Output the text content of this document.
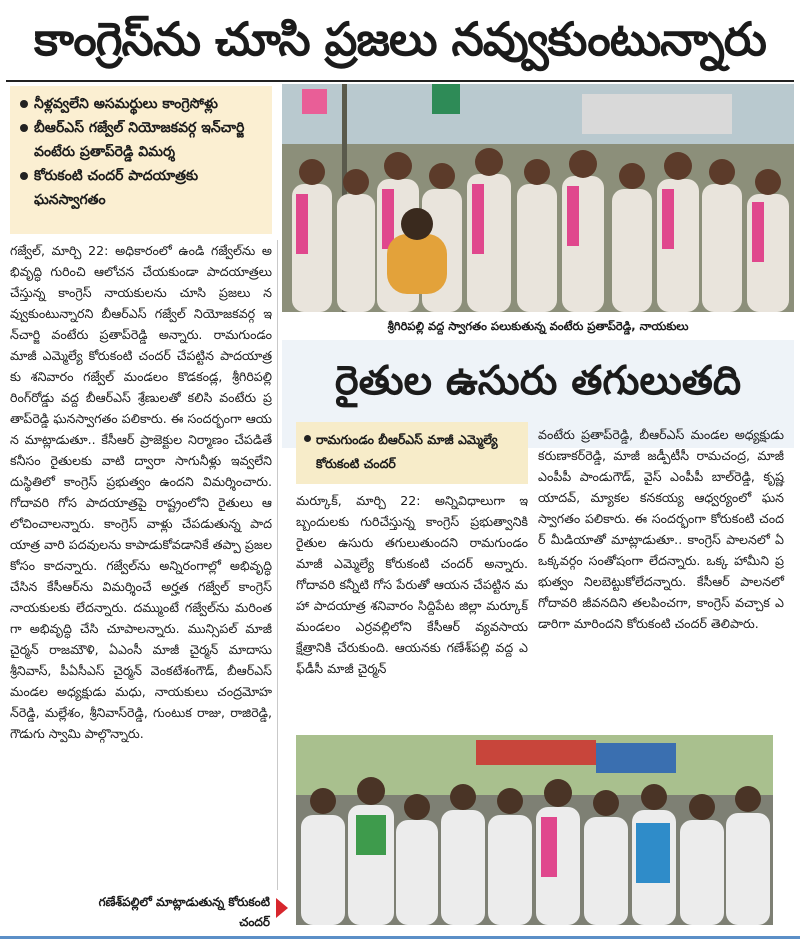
కాంగ్రెస్‌ను చూసి ప్రజలు నవ్వుకుంటున్నారు
నీళ్లవ్వలేని అసమర్థులు కాంగ్రెసోళ్లు
బీఆర్ఎస్ గజ్వేల్ నియోజకవర్గ ఇన్‌చార్జి వంటేరు ప్రతాప్‌రెడ్డి విమర్శ
కోరుకంటి చందర్ పాదయాత్రకు ఘనస్వాగతం
గజ్వేల్, మార్చి 22: అధికారంలో ఉండి గజ్వేల్‌ను అభివృద్ధి గురించి ఆలోచన చేయకుండా పాదయాత్రలు చేస్తున్న కాంగ్రెస్ నాయకులను చూసి ప్రజలు నవ్వుకుంటున్నారని బీఆర్ఎస్ గజ్వేల్ నియోజకవర్గ ఇన్‌చార్జి వంటేరు ప్రతాప్‌రెడ్డి అన్నారు. రామగుండం మాజీ ఎమ్మెల్యే కోరుకంటి చందర్ చేపట్టిన పాదయాత్రకు శనివారం గజ్వేల్ మండలం కొడకండ్ల, శ్రీగిరిపల్లి రింగ్‌రోడ్డు వద్ద బీఆర్ఎస్ శ్రేణులతో కలిసి వంటేరు ప్రతాప్‌రెడ్డి ఘనస్వాగతం పలికారు. ఈ సందర్భంగా ఆయన మాట్లాడుతూ.. కేసీఆర్ ప్రాజెక్టుల నిర్మాణం చేపడితే కనీసం రైతులకు వాటి ద్వారా సాగునీళ్లు ఇవ్వలేని దుస్థితిలో కాంగ్రెస్ ప్రభుత్వం ఉందని విమర్శించారు. గోదావరి గోస పాదయాత్రపై రాష్ట్రంలోని రైతులు ఆలోచించాలన్నారు. కాంగ్రెస్ వాళ్లు చేపడుతున్న పాదయాత్ర వారి పదవులను కాపాడుకోవడానికే తప్పా ప్రజల కోసం కాదన్నారు. గజ్వేల్‌ను అన్నిరంగాల్లో అభివృద్ధి చేసిన కేసీఆర్‌ను విమర్శించే అర్హత గజ్వేల్ కాంగ్రెస్ నాయకులకు లేదన్నారు. దమ్ముంటే గజ్వేల్‌ను మరింతగా అభివృద్ధి చేసి చూపాలన్నారు. మున్సిపల్ మాజీ చైర్మన్ రాజమౌళి, ఏఎంసీ మాజీ చైర్మన్ మాదాసు శ్రీనివాస్, పీఏసీఎస్ చైర్మన్ వెంకటేశంగౌడ్, బీఆర్ఎస్ మండల అధ్యక్షుడు మధు, నాయకులు చంద్రమోహన్‌రెడ్డి, మల్లేశం, శ్రీనివాస్‌రెడ్డి, గుంటుక రాజు, రాజిరెడ్డి, గౌడుగు స్వామి పాల్గొన్నారు.
శ్రీగిరిపల్లి వద్ద స్వాగతం పలుకుతున్న వంటేరు ప్రతాప్‌రెడ్డి, నాయకులు
రైతుల ఉసురు తగులుతది
రామగుండం బీఆర్ఎస్ మాజీ ఎమ్మెల్యే కోరుకంటి చందర్
మర్కూక్, మార్చి 22: అన్నివిధాలుగా ఇబ్బందులకు గురిచేస్తున్న కాంగ్రెస్ ప్రభుత్వానికి రైతుల ఉసురు తగులుతుందని రామగుండం మాజీ ఎమ్మెల్యే కోరుకంటి చందర్ అన్నారు. గోదావరి కన్నీటి గోస పేరుతో ఆయన చేపట్టిన మహా పాదయాత్ర శనివారం సిద్దిపేట జిల్లా మర్కూక్ మండలం ఎర్రవల్లిలోని కేసీఆర్ వ్యవసాయ క్షేత్రానికి చేరుకుంది. ఆయనకు గణేశ్‌పల్లి వద్ద ఎఫ్‌డీసీ మాజీ చైర్మన్
వంటేరు ప్రతాప్‌రెడ్డి, బీఆర్ఎస్ మండల అధ్యక్షుడు కరుణాకర్‌రెడ్డి, మాజీ జడ్పీటీసీ రామచంద్ర, మాజీ ఎంపీపీ పాండుగౌడ్, వైస్ ఎంపీపీ బాల్‌రెడ్డి, కృష్ణయాదవ్, మ్యాకల కనకయ్య ఆధ్వర్యంలో ఘన స్వాగతం పలికారు. ఈ సందర్భంగా కోరుకంటి చందర్ మీడియాతో మాట్లాడుతూ.. కాంగ్రెస్ పాలనలో ఏ ఒక్కవర్గం సంతోషంగా లేదన్నారు. ఒక్క హామీని ప్రభుత్వం నిలబెట్టుకోలేదన్నారు. కేసీఆర్ పాలనలో గోదావరి జీవనదిని తలపించగా, కాంగ్రెస్ వచ్చాక ఎడారిగా మారిందని కోరుకంటి చందర్ తెలిపారు.
గణేశ్‌పల్లిలో మాట్లాడుతున్న కోరుకంటి చందర్
